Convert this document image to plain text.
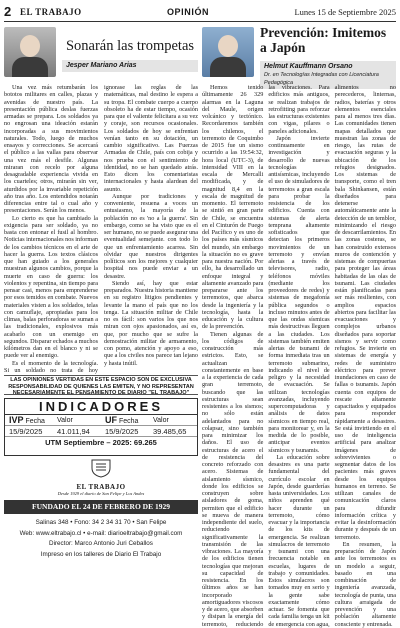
2 EL TRABAJO	OPINIÓN	Lunes 15 de Septiembre 2025
Sonarán las trompetas
Jesper Mariano Arias

Una vez más retumbarán los bototos militares en calles, plazas y avenidas de nuestro país. La presentación pública deslas fuerzas armadas se prepara. Los soldados ya no engrosan una ideación estarán incorporadas a sus movimientos naturales. Todo, luego de muchos ensayos y correcciones. Se acercará el público a las vallas para observar una vez más el desfile. Algunas miraran con recelo por alguna desagradable experiencia vivida en los cuarteles; otros, mirarán sin ver, aturdidos por la invariable repetición año tras año. Los entendidos notarán diferencias entre tal o cual año y presentaciones. Serán los menos.

Lo cierto es que ha cambiado la exigencia para ser soldado, ya no basta con entonar el fusil al hombro. Noticias internacionales nos informan de los cambios técnicos en el arte de hacer la guerra. Los textos clásicos que han guiado a los generales muestran algunos cambios, porque la muerte en caso de guerra: los violentos y repentina, sin tiempo para pensar casi, menos para emprenderse por esos temidos en combate. Nuevos materiales visten a los soldados, telas con camuflaje, apropiadas para los climas, balas perforadoras se suman a las tradicionales, explosivos más acabarlo con un enemigo en segundos. Disparar echados a muchos kilómetros dan en el blanco y ni se puede ver al enemigo.

Es el momento de la tecnología. Si un soldado no trata de hoy ignorase las reglas de las matemáticas, mal destino le espera a su tropa. El combate cuerpo a cuerpo obsoleto ha de estar tiempo, ocasión para que el valiente felicitara a su vez y coraje, son recursos ocasionales. Los soldados de hoy se enfrentan venían tanto en su dotación, un cambio significativo. Las Fuerzas Armadas de Chile, país con cobija y nos prueba con el sentimiento de identidad, no se han quedado atrás. Esto dicen los comentaristas internacionales y hasta alardean del asunto.

Aunque por tradiciones y conveniente, resuena a voces un entusiasmo, la mayoría de la población no es 'no a la guerra'. Sin embargo, como se ha visto que es el ser humano, no se puede asegurar una eventualidad semejante. con todo lo que un enfrentamiento acarrea. Sin olvidar que nuestros dirigentes políticos son los mejores y cualquier hospital nos puede enviar a un desastre.

Siendo así, hay que estar preparados. Nuestra historia mantiene en su registro litigios pendientes y levante la mano el país que no los tenga. La situación militar de Chile no es fácil: son varios los que nos miran con ojos apasionados, así es, que, por mucho que se sufre la demostración militar de armamento, con pomo, atención y apoyo a eso, que a los civiles nos parece tan lejano y hasta inútil.

Prevención: Imitemos a Japón
Helmut Kauffmann Orsano
Dr. en Tecnologías Integradas con Licenciatura Pedagógica

Hemos tenido últimamente 26 329 alarmas en la Laguna del Maule, origen volcánico y tectónico. Recordaremos también los chilenos, el terremoto de Coquimbo de 2015 fue un sismo ocurrido a las 19:54:32, hora local (UTC-3), de intensidad VIII en la escala de Mercalli modificada, y de magnitud 8,4 en la escala de magnitud de momento. El terremoto se sintió en gran parte de Chile, se encuentra en el Cinturón de Fuego del Pacífico y es uno de los países más sísmicos del mundo, sin embargo la situación no es grave para nuestra nación. Por ello, ha desarrollado un enfoque integral y altamente avanzado para prepararse ante los terremotos, que abarca desde la ingeniería y la tecnología, hasta la educación y la cultura de la prevención.

Tienen algunas de los códigos de construcción más estrictos. Esto, se actualizan constantemente en base a la experiencia de cada gran terremoto, buscando que las estructuras sean resistentes a los sismos; no sólo están adelantados para no colapsar, sino también para minimizar los daños. El uso de estructuras de acero el de resistencia del concreto reforzado con acero. Sistemas de aislamiento sísmico, donde los edificios se construyen sobre aisladores de goma, permiten que el edificio se mueva de manera independiente del suelo, reduciendo significativamente la transmisión de las vibraciones. La mayoría de los edificios tienen tecnologías que mejoran su capacidad de resistencia. En los últimos años se han incorporado amortiguadores viscosos y de acero, que absorben y disipan la energía del terremoto, reduciendo las vibraciones. Para edificios más antiguos, se realizan trabajos de retrofitting para reforzar las estructuras existentes con vigas, pilares o paneles adicionales.

Japón invierte continuamente en investigación y desarrollo de nuevas tecnologías antisísmicas, incluyendo el uso de simuladores de terremotos a gran escala para probar la resistencia de los edificios. Cuenta con sistemas de alerta temprana altamente sofisticados que detectan los primeros movimientos de un terremoto y envían alertas a través de televisores, radio, teléfonos móviles (mediante los proveedores de redes) y sistemas de megafonía pública segundos o incluso minutos antes de que las ondas sísmicas más destructivas lleguen a las ciudades. Los sistemas también emiten alertas de tsunami de forma inmediata tras un terremoto submarino, indicando el nivel de peligro y la necesidad de evacuación. Se utilizan tecnologías avanzadas, incluyendo supercomputadoras y análisis de datos sísmicos en tiempo real, para monitorear y, en la medida de lo posible, anticipar eventos sísmicos y tsunamis.

La educación sobre desastres es una parte fundamental del currículo escolar en Japón, desde guarderías hasta universidades. Los niños aprenden qué hacer durante un terremoto, cómo evacuar y la importancia de los kits de emergencia. Se realizan simulacros de terremoto y tsunami con una frecuencia notable en escuelas, lugares de trabajo y comunidades. Estos simulacros son tomados muy en serio y la gente sabe exactamente cómo actuar. Se fomenta que cada familia tenga un kit de emergencia con agua, alimentos no perecederos, linternas, radios, baterías y otros elementos esenciales para al menos tres días. Las comunidades tienen mapas detallados que muestran las zonas de riesgo, las rutas de evacuación seguras y la ubicación de los refugios designados. Los sistemas de transporte, como el tren bala Shinkansen, están diseñados para detenerse automáticamente ante la detección de un temblor, minimizando el riesgo de descarrilamientos. En las zonas costeras, se han construido extensos muros de contención y sistemas de compuertas para proteger las áreas habitadas de las olas de tsunami. Las ciudades están planificadas para ser más resilientes, con amplios espacios abiertos para facilitar las evacuaciones y complejos urbanos diseñados para soportar sismos y servir como refugios. Se invierte en sistemas de energía y redes de suministro eléctrico para prever inundaciones en caso de fallas o tsunamis. Japón cuenta con equipos de rescate altamente capacitados y equipados para responder rápidamente a desastres. Se está invirtiendo en el uso de inteligencia artificial para analizar imágenes de sobrevivientes o segmentar datos de los pacientes más graves desde los equipos humanos en terreno. Se utilizan canales de comunicación claros para difundir información crítica y evitar la desinformación durante y después de un terremoto.

En resumen, la preparación de Japón ante los terremotos es un modelo a seguir, basado en una combinación de ingeniería avanzada, tecnología de punta, una cultura arraigada de prevención y una población altamente consciente y entrenada.

LAS OPINIONES VERTIDAS EN ESTE ESPACIO SON DE EXCLUSIVA
RESPONSABILIDAD DE QUIENES LAS EMITEN, Y NO REPRESENTAN
NECESARIAMENTE EL PENSAMIENTO DE DIARIO "EL TRABAJO"
INDICADORES
IVP Fecha	Valor	UF Fecha	Valor
15/9/2025	41.011,94	15/9/2025	39.485,65
UTM Septiembre – 2025: 69.265
EL TRABAJO
Desde 1929 el diario de San Felipe y Los Andes
FUNDADO EL 24 DE FEBRERO DE 1929
Salinas 348 • Fono: 34 2 34 31 70 • San Felipe
Web: www.eltrabajo.cl • e-mail: diarioeltrabajo@gmail.com
Director: Marco Antonio Juri Ceballos
Impreso en los talleres de Diario El Trabajo
